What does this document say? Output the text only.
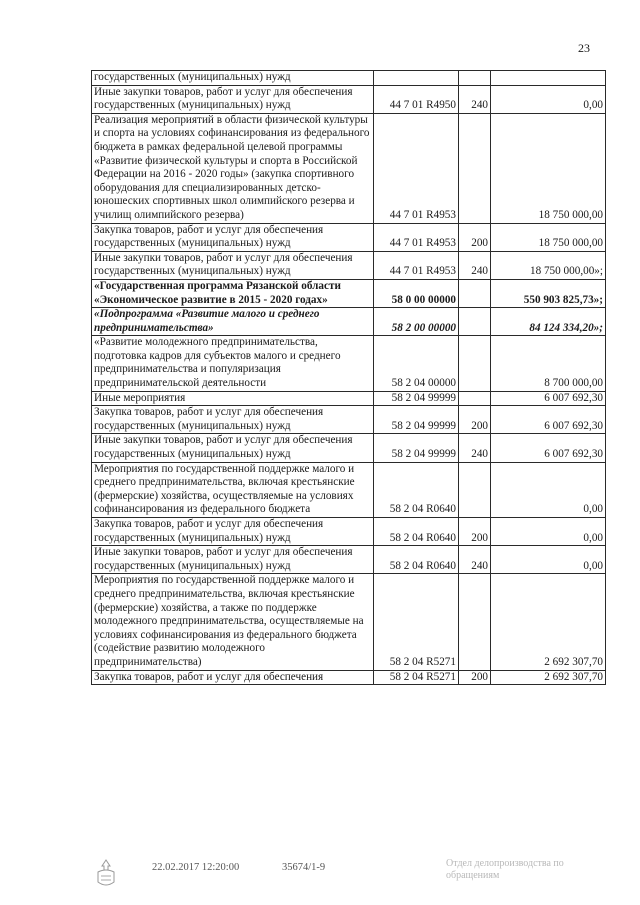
23
государственных (муниципальных) нужд			
Иные закупки товаров, работ и услуг для обеспечения государственных (муниципальных) нужд	44 7 01 R4950	240	0,00
Реализация мероприятий в области физической культуры и спорта на условиях софинансирования из федерального бюджета в рамках федеральной целевой программы «Развитие физической культуры и спорта в Российской Федерации на 2016 - 2020 годы» (закупка спортивного оборудования для специализированных детско-юношеских спортивных школ олимпийского резерва и училищ олимпийского резерва)	44 7 01 R4953		18 750 000,00
Закупка товаров, работ и услуг для обеспечения государственных (муниципальных) нужд	44 7 01 R4953	200	18 750 000,00
Иные закупки товаров, работ и услуг для обеспечения государственных (муниципальных) нужд	44 7 01 R4953	240	18 750 000,00»;
«Государственная программа Рязанской области «Экономическое развитие в 2015 - 2020 годах»	58 0 00 00000		550 903 825,73»;
«Подпрограмма «Развитие малого и среднего предпринимательства»	58 2 00 00000		84 124 334,20»;
«Развитие молодежного предпринимательства, подготовка кадров для субъектов малого и среднего предпринимательства и популяризация предпринимательской деятельности	58 2 04 00000		8 700 000,00
Иные мероприятия	58 2 04 99999		6 007 692,30
Закупка товаров, работ и услуг для обеспечения государственных (муниципальных) нужд	58 2 04 99999	200	6 007 692,30
Иные закупки товаров, работ и услуг для обеспечения государственных (муниципальных) нужд	58 2 04 99999	240	6 007 692,30
Мероприятия по государственной поддержке малого и среднего предпринимательства, включая крестьянские (фермерские) хозяйства, осуществляемые на условиях софинансирования из федерального бюджета	58 2 04 R0640		0,00
Закупка товаров, работ и услуг для обеспечения государственных (муниципальных) нужд	58 2 04 R0640	200	0,00
Иные закупки товаров, работ и услуг для обеспечения государственных (муниципальных) нужд	58 2 04 R0640	240	0,00
Мероприятия по государственной поддержке малого и среднего предпринимательства, включая крестьянские (фермерские) хозяйства, а также по поддержке молодежного предпринимательства, осуществляемые на условиях софинансирования из федерального бюджета (содействие развитию молодежного предпринимательства)	58 2 04 R5271		2 692 307,70
Закупка товаров, работ и услуг для обеспечения	58 2 04 R5271	200	2 692 307,70
22.02.2017 12:20:00	35674/1-9	Отдел делопроизводства по обращениям
